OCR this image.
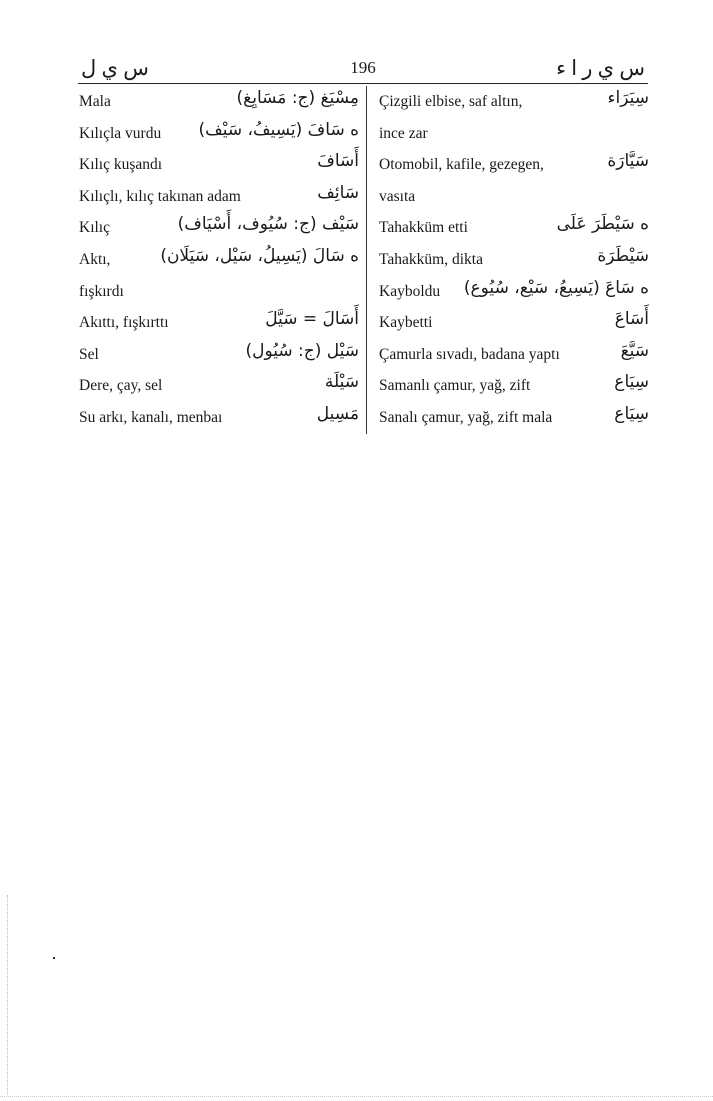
س ي ل	196	س ي ر ا ء
Mala	مِسْيَغ (ج: مَسَايِغ)
Kılıçla vurdu ه سَافَ (يَسِيفُ، سَيْف)
Kılıç kuşandı	أَسَافَ
Kılıçlı, kılıç takınan adam	سَائِف
Kılıç	سَيْف (ج: سُيُوف، أَسْيَاف)
Aktı,	ه سَالَ (يَسِيلُ، سَيْل، سَيَلَان)
fışkırdı
Akıttı, fışkırttı	أَسَالَ = سَيَّلَ
Sel	سَيْل (ج: سُيُول)
Dere, çay, sel	سَيْلَة
Su arkı, kanalı, menbaı	مَسِيل
Çizgili elbise, saf altın,	سِيَرَاء
ince zar
Otomobil, kafile, gezegen,	سَيَّارَة
vasıta
Tahakküm etti	ه سَيْطَرَ عَلَى
Tahakküm, dikta	سَيْطَرَة
Kayboldu ه سَاعَ (يَسِيعُ، سَيْع، سُيُوع)
Kaybetti	أَسَاعَ
Çamurla sıvadı, badana yaptı	سَيَّعَ
Samanlı çamur, yağ, zift	سِيَاع
Sanalı çamur, yağ, zift mala	سِيَاع
